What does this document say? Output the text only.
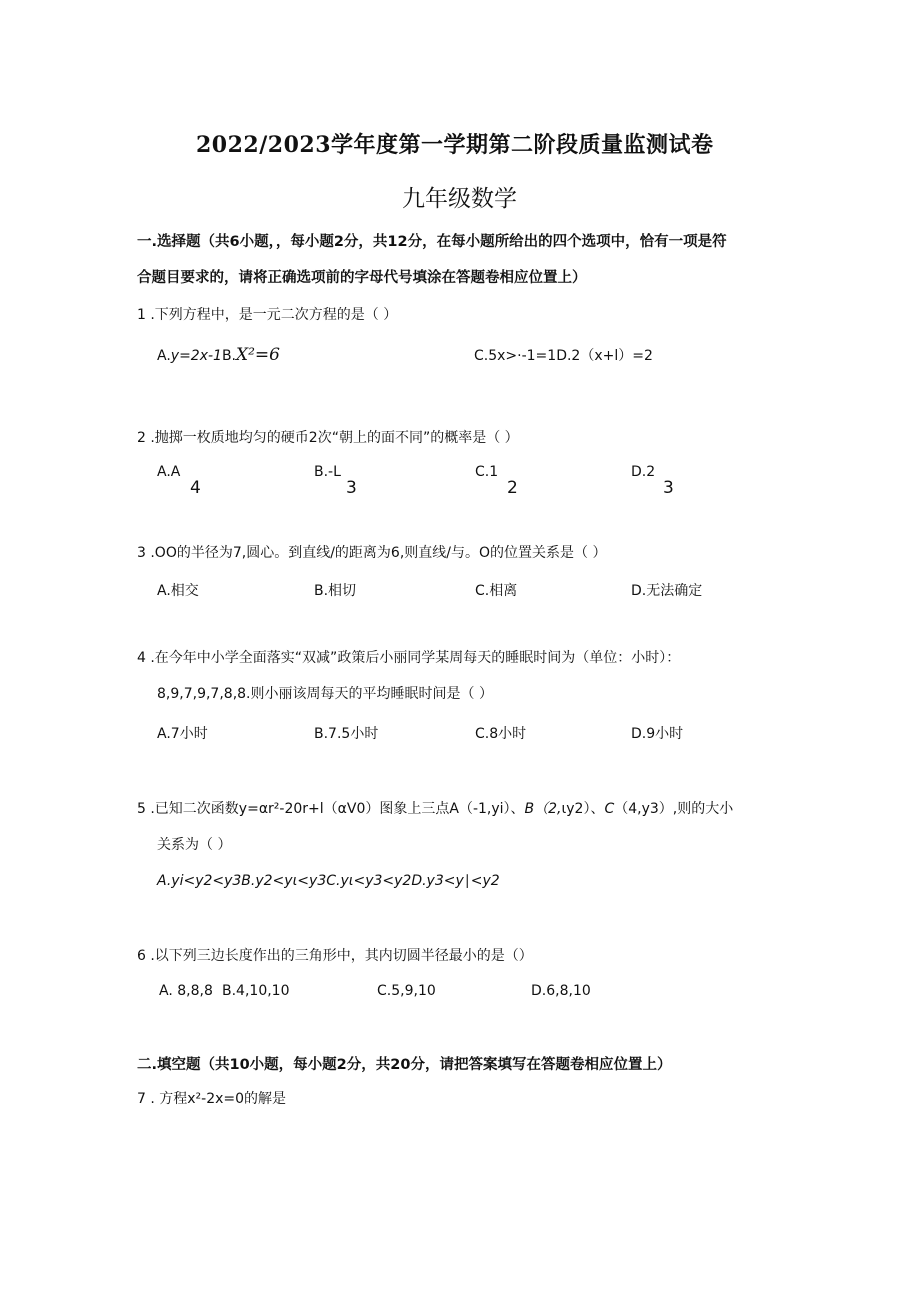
2022/2023学年度第一学期第二阶段质量监测试卷
九年级数学
一.选择题（共6小题，，每小题2分，共12分，在每小题所给出的四个选项中，恰有一项是符
合题目要求的，请将正确选项前的字母代号填涂在答题卷相应位置上）
1 .下列方程中，是一元二次方程的是（ ）
A.y=2x-1B.X²=6	C.5x>·-1=1D.2（x+l）=2
2 .抛掷一枚质地均匀的硬币2次“朝上的面不同”的概率是（ ）
A.A
4
B.-L
3
C.1
2
D.2
3
3 .OO的半径为7,圆心。到直线/的距离为6,则直线/与。O的位置关系是（ ）
A.相交	B.相切	C.相离	D.无法确定
4 .在今年中小学全面落实“双减”政策后小丽同学某周每天的睡眠时间为（单位：小时）：
8,9,7,9,7,8,8.则小丽该周每天的平均睡眠时间是（ ）
A.7小时	B.7.5小时	C.8小时	D.9小时
5 .已知二次函数y=αr²-20r+l（αV0）图象上三点A（-1,yi）、B（2,ιy2）、C（4,y3）,则的大小
关系为（ ）
A.yi<y2<y3B.y2<yι<y3C.yι<y3<y2D.y3<y∣<y2
6 .以下列三边长度作出的三角形中，其内切圆半径最小的是（）
A. 8,8,8 B.4,10,10	C.5,9,10	D.6,8,10
二.填空题（共10小题，每小题2分，共20分，请把答案填写在答题卷相应位置上）
7 . 方程x²-2x=0的解是
